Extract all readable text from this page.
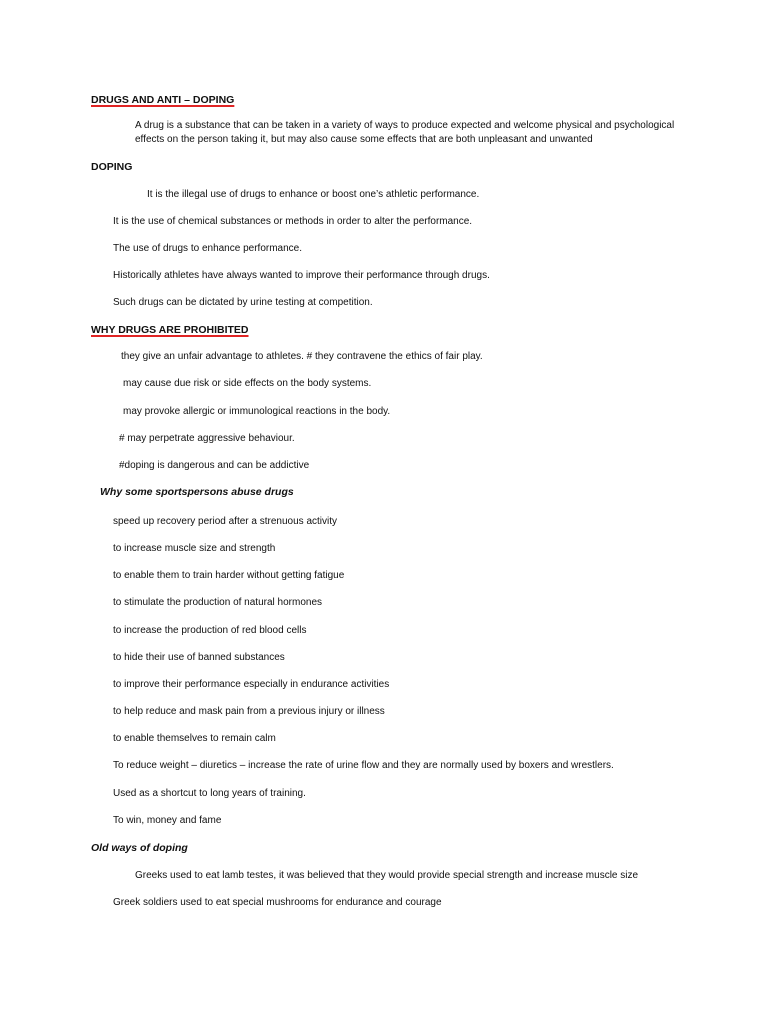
DRUGS AND ANTI – DOPING
A drug is a substance that can be taken in a variety of ways to produce expected and welcome physical and psychological effects on the person taking it, but may also cause some effects that are both unpleasant and unwanted
DOPING
It is the illegal use of drugs to enhance or boost one’s athletic performance.
It is the use of chemical substances or methods in order to alter the performance.
The use of drugs to enhance performance.
Historically athletes have always wanted to improve their performance through drugs.
Such drugs can be dictated by urine testing at competition.
WHY DRUGS ARE PROHIBITED
they give an unfair advantage to athletes. # they contravene the ethics of fair play.
may cause due risk or side effects on the body systems.
may provoke allergic or immunological reactions in the body.
# may perpetrate aggressive behaviour.
#doping is dangerous and can be addictive
Why some sportspersons abuse drugs
speed up recovery period after a strenuous activity
to increase muscle size and strength
to enable them to train harder without getting fatigue
to stimulate the production of natural hormones
to increase the production of red blood cells
to hide their use of banned substances
to improve their performance especially in endurance activities
to help reduce and mask pain from a previous injury or illness
to enable themselves to remain calm
To reduce weight – diuretics – increase the rate of urine flow and they are normally used by boxers and wrestlers.
Used as a shortcut to long years of training.
To win, money and fame
Old ways of doping
Greeks used to eat lamb testes, it was believed that they would provide special strength and increase muscle size
Greek soldiers used to eat special mushrooms for endurance and courage
